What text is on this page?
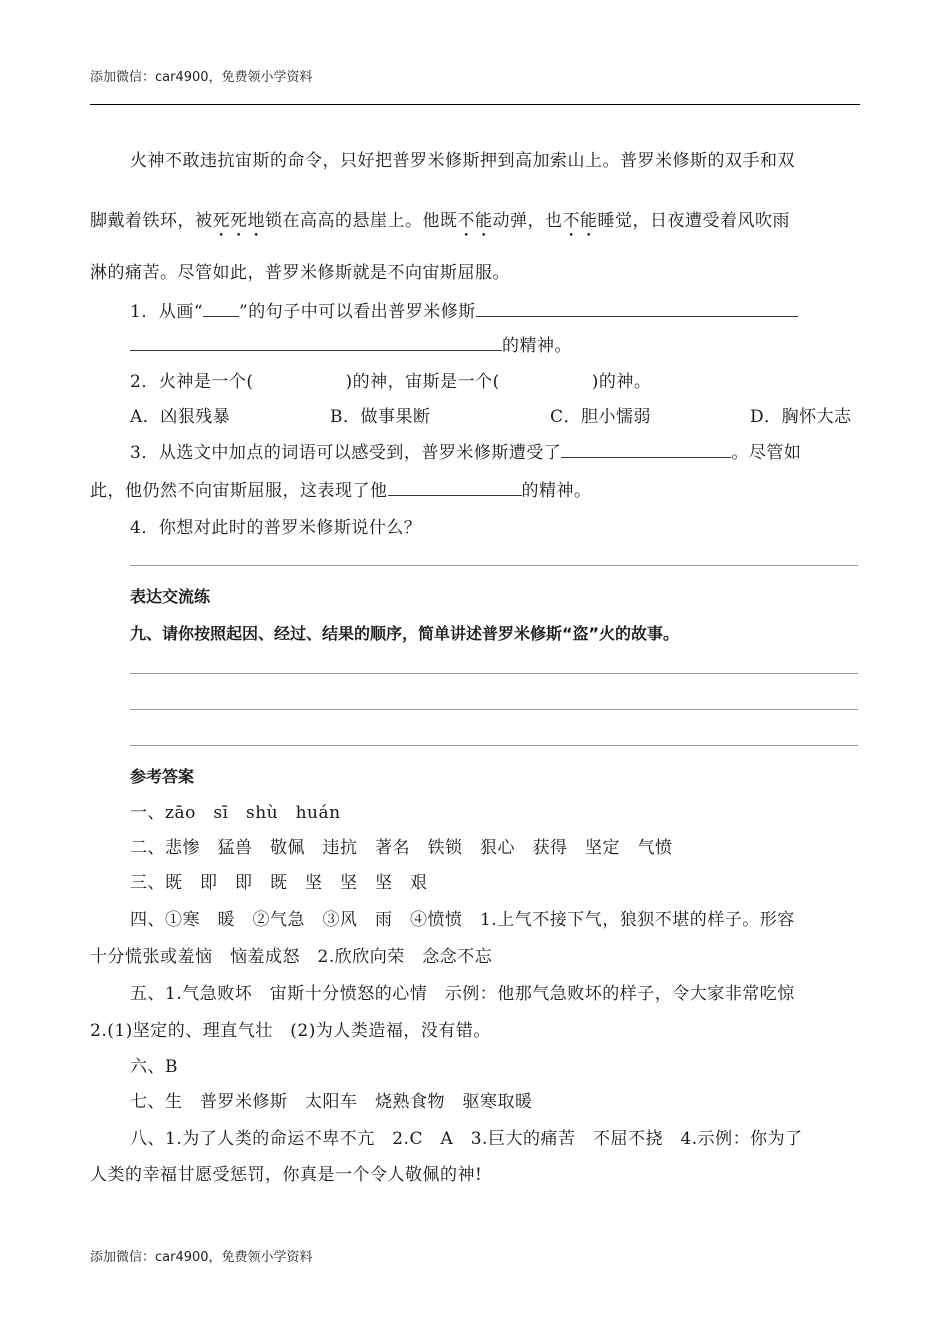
添加微信：car4900，免费领小学资料
火神不敢违抗宙斯的命令，只好把普罗米修斯押到高加索山上。普罗米修斯的双手和双
脚戴着铁环，被死死地锁在高高的悬崖上。他既不能动弹，也不能睡觉，日夜遭受着风吹雨
淋的痛苦。尽管如此，普罗米修斯就是不向宙斯屈服。
1．从画“ ”的句子中可以看出普罗米修斯
的精神。
2．火神是一个(	)的神，宙斯是一个(	)的神。
A．凶狠残暴	B．做事果断	C．胆小懦弱	D．胸怀大志
3．从选文中加点的词语可以感受到，普罗米修斯遭受了	。尽管如
此，他仍然不向宙斯屈服，这表现了他	的精神。
4．你想对此时的普罗米修斯说什么？
表达交流练
九、请你按照起因、经过、结果的顺序，简单讲述普罗米修斯“盗”火的故事。
参考答案
一、zāo　sī　shù　huán
二、悲惨　猛兽　敬佩　违抗　著名　铁锁　狠心　获得　坚定　气愤
三、既　即　即　既　坚　坚　坚　艰
四、①寒　暖　②气急　③风　雨　④愤愤　1.上气不接下气，狼狈不堪的样子。形容
十分慌张或羞恼　恼羞成怒　2.欣欣向荣　念念不忘
五、1.气急败坏　宙斯十分愤怒的心情　示例：他那气急败坏的样子，令大家非常吃惊
2.(1)坚定的、理直气壮　(2)为人类造福，没有错。
六、B
七、生　普罗米修斯　太阳车　烧熟食物　驱寒取暖
八、1.为了人类的命运不卑不亢　2.C　A　3.巨大的痛苦　不屈不挠　4.示例：你为了
人类的幸福甘愿受惩罚，你真是一个令人敬佩的神!
添加微信：car4900，免费领小学资料
